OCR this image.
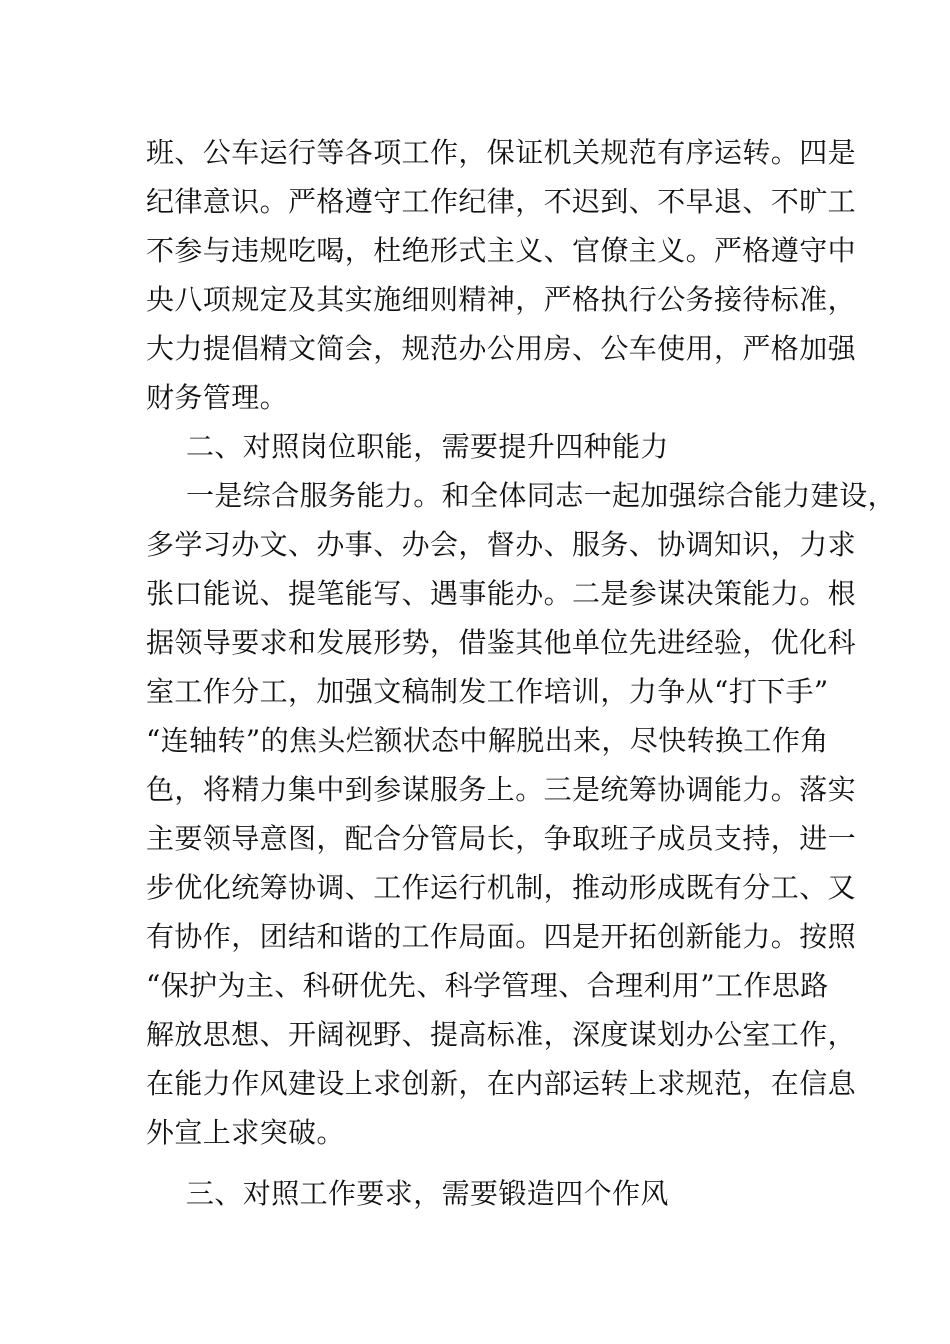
班、公车运行等各项工作，保证机关规范有序运转。四是
纪律意识。严格遵守工作纪律，不迟到、不早退、不旷工
不参与违规吃喝，杜绝形式主义、官僚主义。严格遵守中
央八项规定及其实施细则精神，严格执行公务接待标准，
大力提倡精文简会，规范办公用房、公车使用，严格加强
财务管理。
二、对照岗位职能，需要提升四种能力
一是综合服务能力。和全体同志一起加强综合能力建设，
多学习办文、办事、办会，督办、服务、协调知识，力求
张口能说、提笔能写、遇事能办。二是参谋决策能力。根
据领导要求和发展形势，借鉴其他单位先进经验，优化科
室工作分工，加强文稿制发工作培训，力争从“打下手”
“连轴转”的焦头烂额状态中解脱出来，尽快转换工作角
色，将精力集中到参谋服务上。三是统筹协调能力。落实
主要领导意图，配合分管局长，争取班子成员支持，进一
步优化统筹协调、工作运行机制，推动形成既有分工、又
有协作，团结和谐的工作局面。四是开拓创新能力。按照
“保护为主、科研优先、科学管理、合理利用”工作思路
解放思想、开阔视野、提高标准，深度谋划办公室工作，
在能力作风建设上求创新，在内部运转上求规范，在信息
外宣上求突破。
三、对照工作要求，需要锻造四个作风
